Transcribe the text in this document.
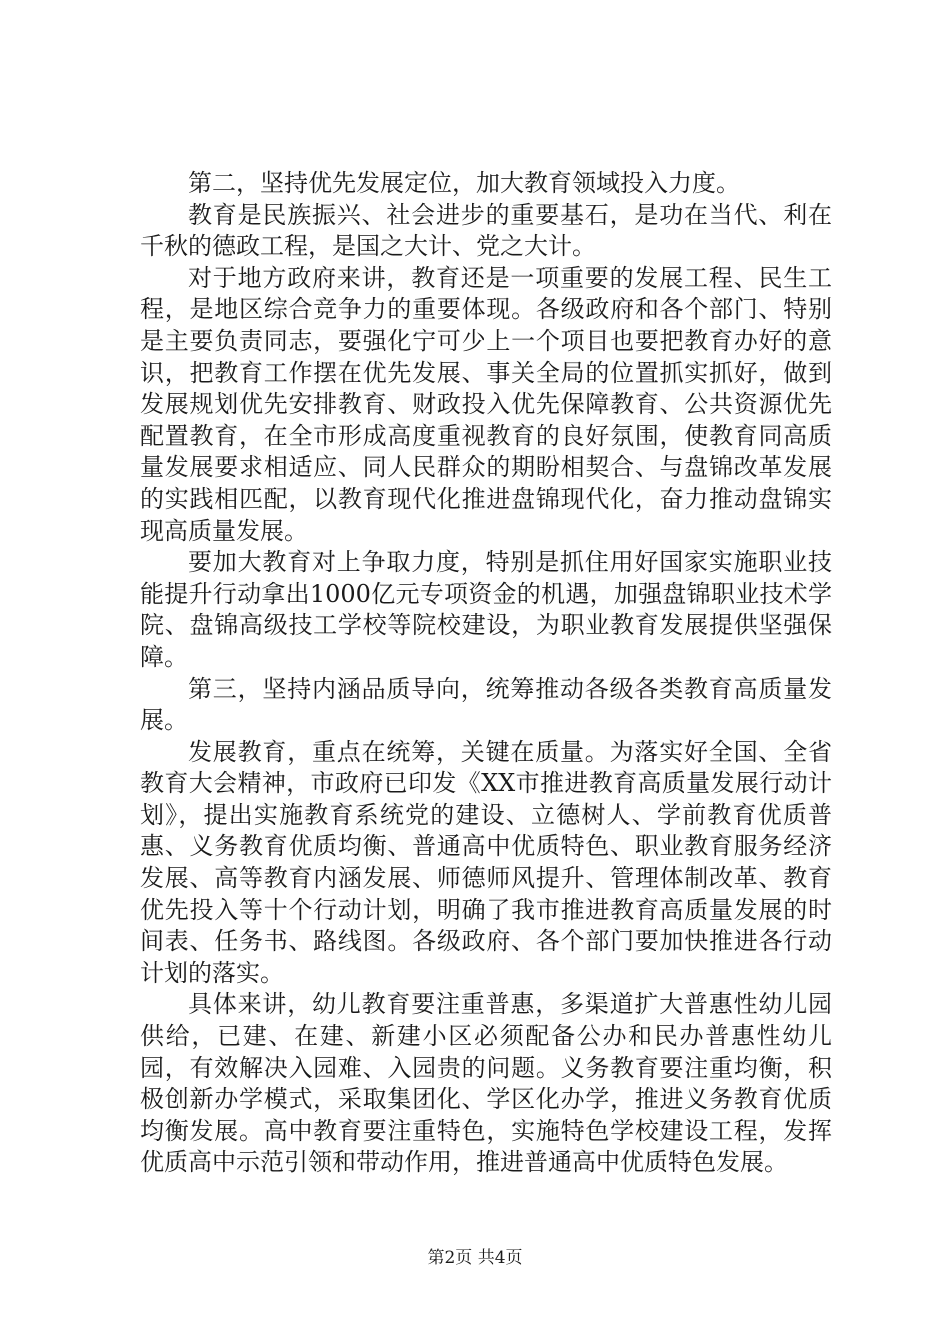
第二，坚持优先发展定位，加大教育领域投入力度。

教育是民族振兴、社会进步的重要基石，是功在当代、利在千秋的德政工程，是国之大计、党之大计。

对于地方政府来讲，教育还是一项重要的发展工程、民生工程，是地区综合竞争力的重要体现。各级政府和各个部门、特别是主要负责同志，要强化宁可少上一个项目也要把教育办好的意识，把教育工作摆在优先发展、事关全局的位置抓实抓好，做到发展规划优先安排教育、财政投入优先保障教育、公共资源优先配置教育，在全市形成高度重视教育的良好氛围，使教育同高质量发展要求相适应、同人民群众的期盼相契合、与盘锦改革发展的实践相匹配，以教育现代化推进盘锦现代化，奋力推动盘锦实现高质量发展。

要加大教育对上争取力度，特别是抓住用好国家实施职业技能提升行动拿出1000亿元专项资金的机遇，加强盘锦职业技术学院、盘锦高级技工学校等院校建设，为职业教育发展提供坚强保障。

第三，坚持内涵品质导向，统筹推动各级各类教育高质量发展。

发展教育，重点在统筹，关键在质量。为落实好全国、全省教育大会精神，市政府已印发《XX市推进教育高质量发展行动计划》，提出实施教育系统党的建设、立德树人、学前教育优质普惠、义务教育优质均衡、普通高中优质特色、职业教育服务经济发展、高等教育内涵发展、师德师风提升、管理体制改革、教育优先投入等十个行动计划，明确了我市推进教育高质量发展的时间表、任务书、路线图。各级政府、各个部门要加快推进各行动计划的落实。

具体来讲，幼儿教育要注重普惠，多渠道扩大普惠性幼儿园供给，已建、在建、新建小区必须配备公办和民办普惠性幼儿园，有效解决入园难、入园贵的问题。义务教育要注重均衡，积极创新办学模式，采取集团化、学区化办学，推进义务教育优质均衡发展。高中教育要注重特色，实施特色学校建设工程，发挥优质高中示范引领和带动作用，推进普通高中优质特色发展。

第2页 共4页
